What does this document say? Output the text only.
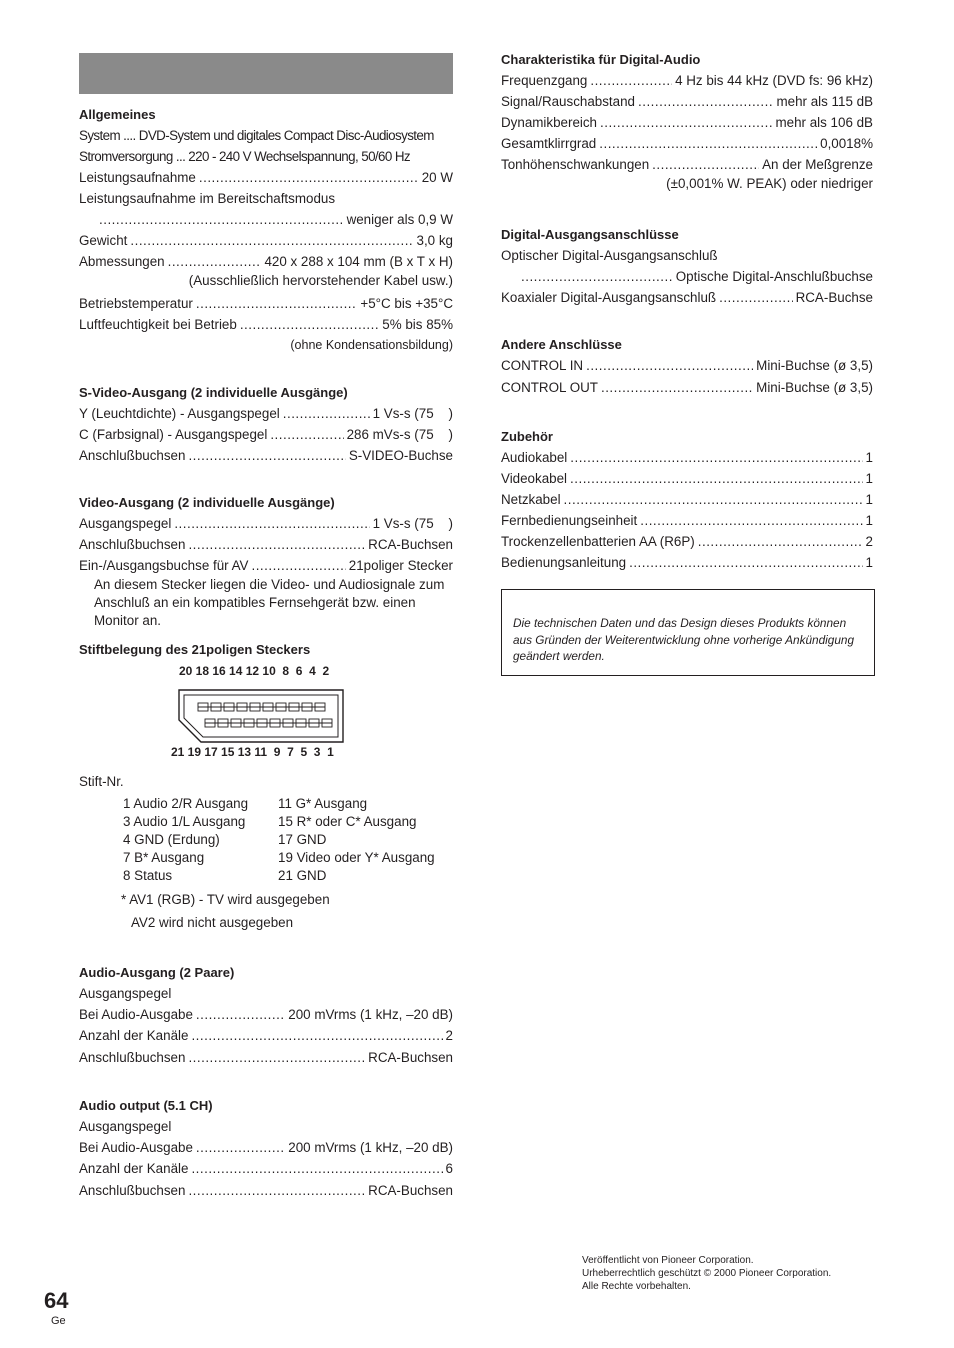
Allgemeines

System .... DVD-System und digitales Compact Disc-Audiosystem
Stromversorgung ... 220 - 240 V Wechselspannung, 50/60 Hz
Leistungsaufnahme .....	20 W
Leistungsaufnahme im Bereitschaftsmodus
.....
weniger als 0,9 W
Gewicht .....	3,0 kg
Abmessungen .....	420 x 288 x 104 mm (B x T x H)
(Ausschließlich hervorstehender Kabel usw.)
Betriebstemperatur .....	+5°C bis +35°C
Luftfeuchtigkeit bei Betrieb .....	5% bis 85%
(ohne Kondensationsbildung)

S-Video-Ausgang (2 individuelle Ausgänge)

Y (Leuchtdichte) - Ausgangspegel .....	1 Vs-s (75    )
C (Farbsignal) - Ausgangspegel .....	286 mVs-s (75    )
Anschlußbuchsen .....	S-VIDEO-Buchse

Video-Ausgang (2 individuelle Ausgänge)

Ausgangspegel .....	1 Vs-s (75    )
Anschlußbuchsen .....	RCA-Buchsen
Ein-/Ausgangsbuchse für AV .....	21poliger Stecker
An diesem Stecker liegen die Video- und Audiosignale zum Anschluß an ein kompatibles Fernsehgerät bzw. einen Monitor an.

Stiftbelegung des 21poligen Steckers

20 18 16 14 12 10  8  6  4  2
21 19 17 15 13 11  9  7  5  3  1
Stift-Nr.
1 Audio 2/R Ausgang	11 G* Ausgang
3 Audio 1/L Ausgang	15 R* oder C* Ausgang
4 GND (Erdung)	17 GND
7 B* Ausgang	19 Video oder Y* Ausgang
8 Status	21 GND
* AV1 (RGB) - TV wird ausgegeben
AV2 wird nicht ausgegeben

Audio-Ausgang (2 Paare)

Ausgangspegel
Bei Audio-Ausgabe .....	200 mVrms (1 kHz, –20 dB)
Anzahl der Kanäle .....	2
Anschlußbuchsen .....	RCA-Buchsen

Audio output (5.1 CH)

Ausgangspegel
Bei Audio-Ausgabe .....	200 mVrms (1 kHz, –20 dB)
Anzahl der Kanäle .....	6
Anschlußbuchsen .....	RCA-Buchsen

Charakteristika für Digital-Audio

Frequenzgang .....	4 Hz bis 44 kHz (DVD fs: 96 kHz)
Signal/Rauschabstand .....	mehr als 115 dB
Dynamikbereich .....	mehr als 106 dB
Gesamtklirrgrad .....	0,0018%
Tonhöhenschwankungen .....	An der Meßgrenze
(±0,001% W. PEAK) oder niedriger

Digital-Ausgangsanschlüsse

Optischer Digital-Ausgangsanschluß
.....
Optische Digital-Anschlußbuchse
Koaxialer Digital-Ausgangsanschluß .....	RCA-Buchse

Andere Anschlüsse

CONTROL IN .....	Mini-Buchse (ø 3,5)
CONTROL OUT .....	Mini-Buchse (ø 3,5)

Zubehör

Audiokabel .....	1
Videokabel .....	1
Netzkabel .....	1
Fernbedienungseinheit .....	1
Trockenzellenbatterien AA (R6P) .....	2
Bedienungsanleitung .....	1
Die technischen Daten und das Design dieses Produkts können aus Gründen der Weiterentwicklung ohne vorherige Ankündigung geändert werden.
Veröffentlicht von Pioneer Corporation.
Urheberrechtlich geschützt © 2000 Pioneer Corporation.
Alle Rechte vorbehalten.
64
Ge
